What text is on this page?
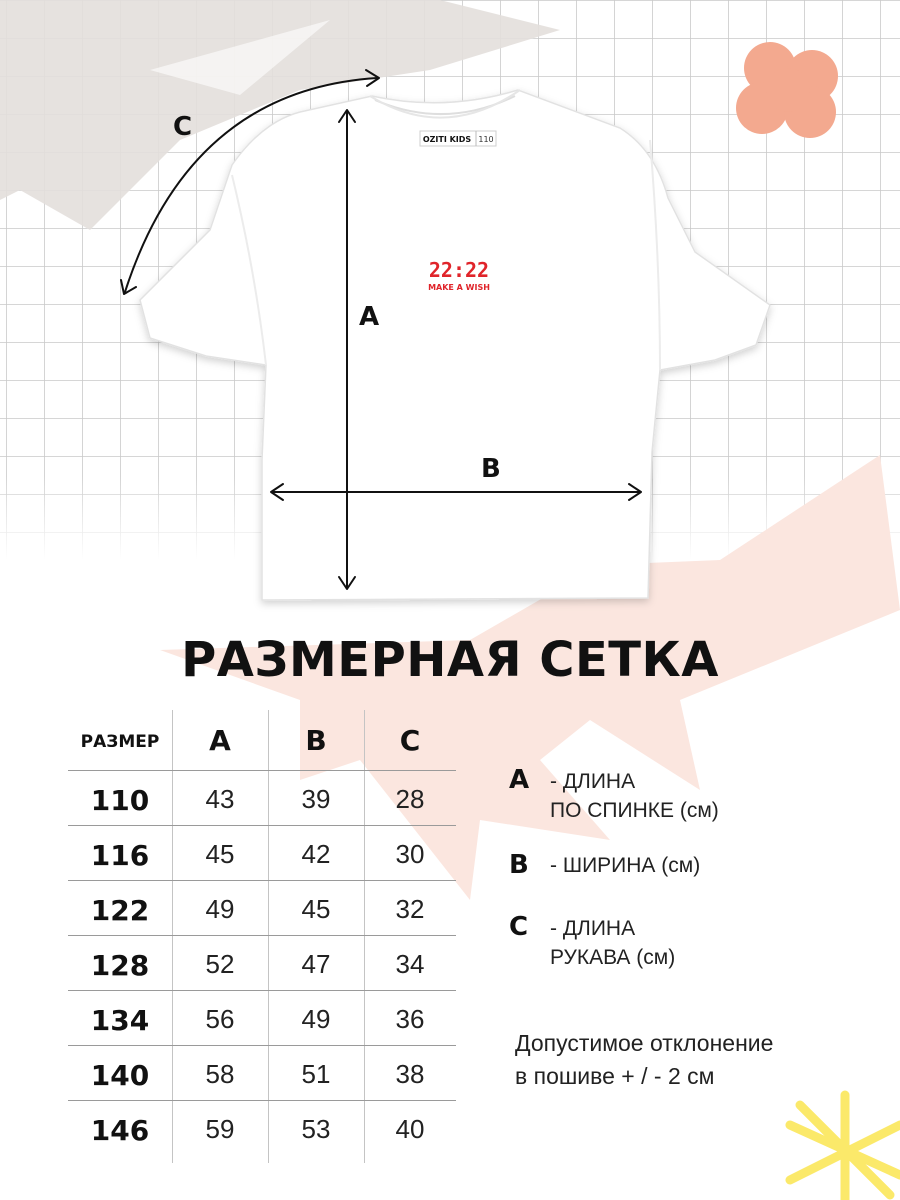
OZITI KIDS 110
22:22
MAKE A WISH
C
A
B
РАЗМЕРНАЯ СЕТКА
РАЗМЕР	A	B	C
110	43	39	28
116	45	42	30
122	49	45	32
128	52	47	34
134	56	49	36
140	58	51	38
146	59	53	40
A - ДЛИНА
ПО СПИНКЕ (см)
B - ШИРИНА (см)
C - ДЛИНА
РУКАВА (см)
Допустимое отклонение
в пошиве + / - 2 см
